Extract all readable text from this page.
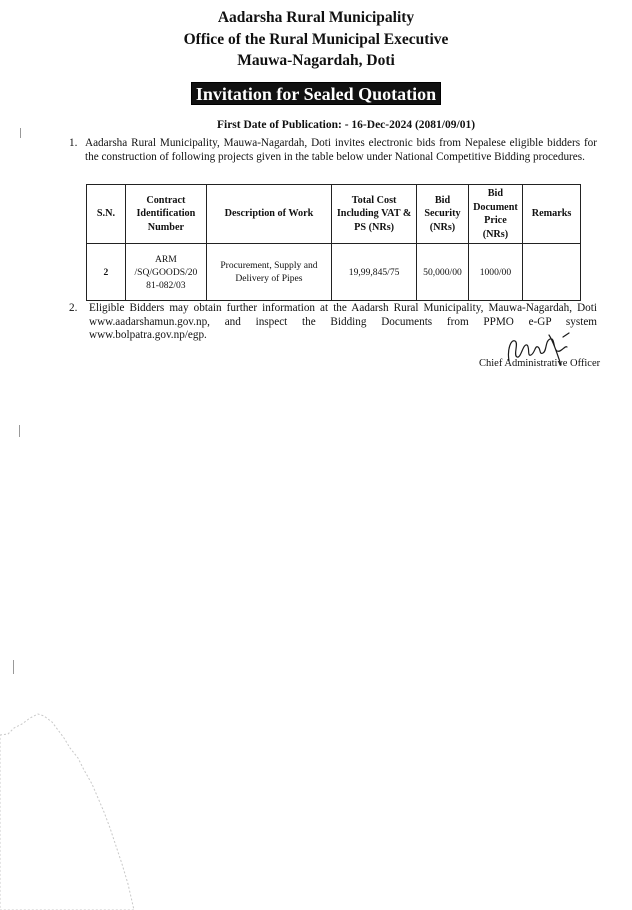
Aadarsha Rural Municipality
Office of the Rural Municipal Executive
Mauwa-Nagardah, Doti
Invitation for Sealed Quotation
First Date of Publication: - 16-Dec-2024 (2081/09/01)
1. Aadarsha Rural Municipality, Mauwa-Nagardah, Doti invites electronic bids from Nepalese eligible bidders for the construction of following projects given in the table below under National Competitive Bidding procedures.
S.N.	Contract Identification Number	Description of Work	Total Cost Including VAT & PS (NRs)	Bid Security (NRs)	Bid Document Price (NRs)	Remarks
2	ARM /SQ/GOODS/20 81-082/03	Procurement, Supply and Delivery of Pipes	19,99,845/75	50,000/00	1000/00	
2. Eligible Bidders may obtain further information at the Aadarsh Rural Municipality, Mauwa-Nagardah, Doti www.aadarshamun.gov.np, and inspect the Bidding Documents from PPMO e-GP system www.bolpatra.gov.np/egp.
Chief Administrative Officer
